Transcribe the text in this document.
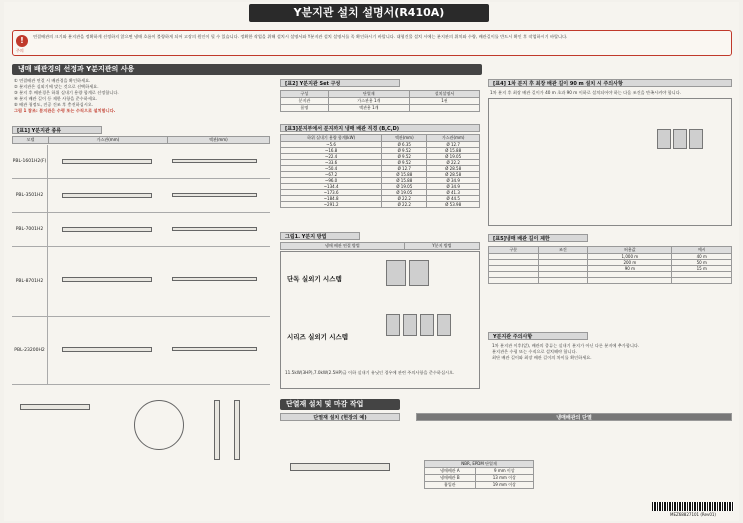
Y분지관 설치 설명서(R410A)
!
주의
연결배관의 크기와 분지관을 정확하게 선정하지 않으면 냉매 흐름이 불량하게 되어 고장의 원인이 될 수 있습니다. 정확한 작업을 위해 설치시 설명서와 Y분지관 설치 설명서를 꼭 확인하시기 바랍니다. 대형건물 설치 시에는 분지관의 위치와 수량, 배관길이를 반드시 확인 후 작업하시기 바랍니다.
냉매 배관경의 선정과 Y분지관의 사용
① 연결배관 연결 시 배관경을 확인하세요.
② 분지관은 실외기에 맞는 것으로 선택하세요.
③ 분지 후 배관경은 하위 실내기 용량 합계로 선정합니다.
④ 분지 배관 길이 등 제한 사항을 준수하세요.
⑤ 배관 청정도, 진공 건조 후 충진하십시오.
그림 1 참조: 분지관은 수평 또는 수직으로 설치합니다.
[표1] Y분지관 종류
모델	가스관(mm)	액관(mm)
PBL-1601H2(F)
PBL-3501H2
PBL-7001H2
PBL-8701H2
PBL-23200H2
[표2] Y분지관 Set 구성
구성	단열재	설치설명서
분지관	가스관용 1개	1권
품명	액관용 1개	
[표3]분지부에서 분지까지 냉매 배관 직경 (B,C,D)
하위 실내기 용량 합계(kW)	액관(mm)	가스관(mm)
~5.6	Ø 6.35	Ø 12.7
~16.8	Ø 9.52	Ø 15.88
~22.4	Ø 9.52	Ø 19.05
~33.6	Ø 9.52	Ø 22.2
~50.4	Ø 12.7	Ø 28.58
~67.2	Ø 15.88	Ø 28.58
~96.0	Ø 15.88	Ø 34.9
~134.4	Ø 19.05	Ø 34.9
~173.6	Ø 19.05	Ø 41.3
~184.8	Ø 22.2	Ø 44.5
~291.2	Ø 22.2	Ø 53.98
그림1. Y분지 방법
냉매 배관 연결 방법	Y분지 방법
단독 실외기 시스템
시리즈 실외기 시스템
11.5kW(3HP),7.0kW(2.5HP)급 이하 실내기 유닛인 경우에 관련 주의사항을 준수하십시오.
[표4] 1차 분지 후 최장 배관 길이 90 m 설치 시 주의사항
1차 분지 후 최장 배관 길이가 40 m 초과 90 m 이하로 설치되어야 하는 다음 조건을 만족시켜야 합니다.
[표5]냉매 배관 길이 제한
구분	조건	허용값	예시
		1,000 m	40 m
		200 m	50 m
		90 m	15 m

Y분지관 주의사항
1차 분지관 이후(앞), 배관의 종류는 실내기 분지가 아닌 다른 분지에 추가합니다.
분지관은 수평 또는 수직으로 설치해야 합니다.
최단 배관 길이와 최장 배관 길이의 차이를 확인하세요.
단열재 설치 및 마감 작업
단열재 설치 (현장의 예)	냉매배관의 단열
NBR, EPDM 단열재	
냉매배관 A	9 mm 이상
냉매배관 B	13 mm 이상
흡입관	19 mm 이상
MEZ68827101 (Rev01)
